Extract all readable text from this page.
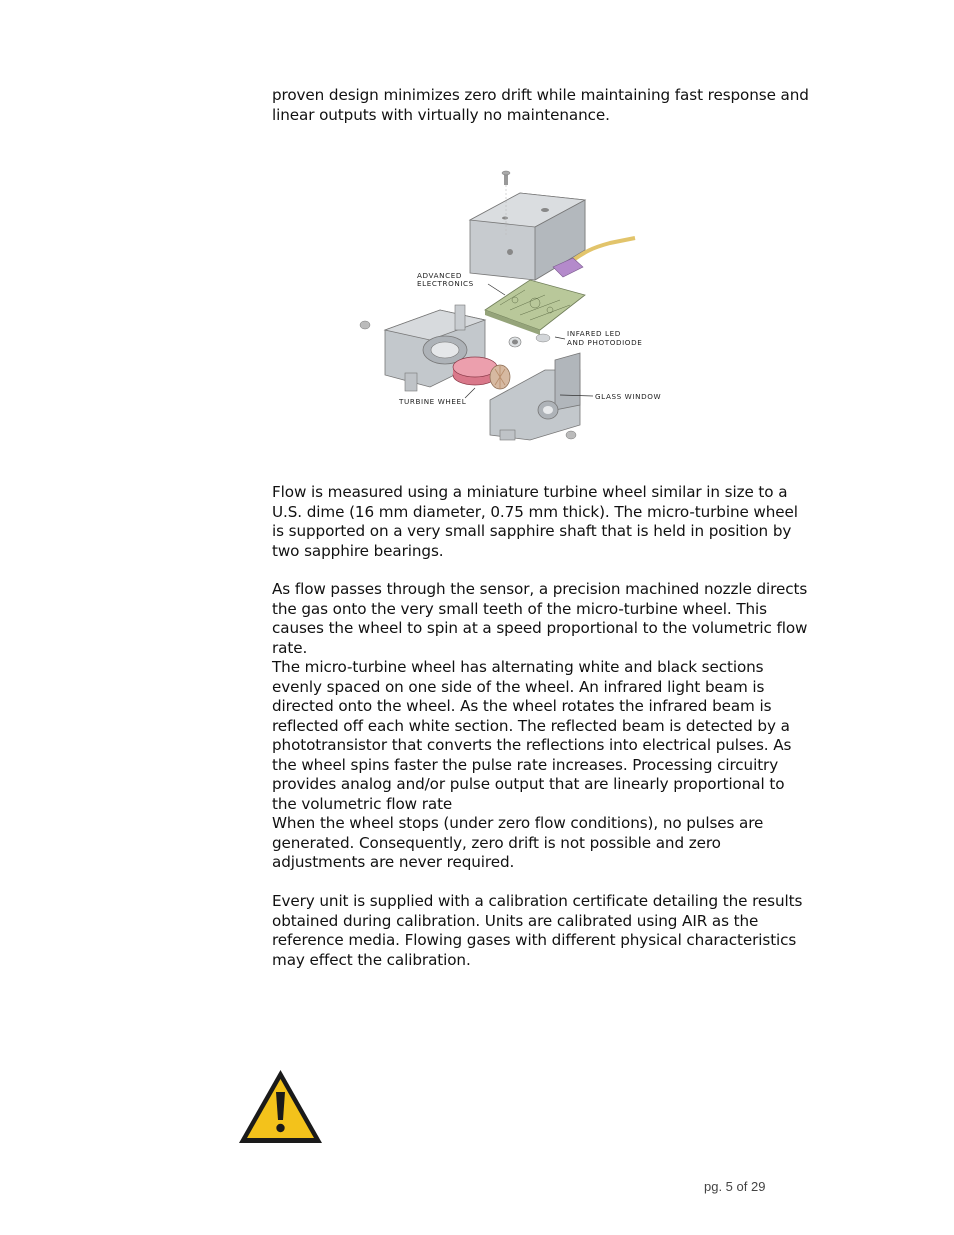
proven design minimizes zero drift while maintaining fast response and linear outputs with virtually no maintenance.

ADVANCED
ELECTRONICS
INFARED LED
AND PHOTODIODE
TURBINE WHEEL
GLASS WINDOW

Flow is measured using a miniature turbine wheel similar in size to a U.S. dime (16 mm diameter, 0.75 mm thick). The micro-turbine wheel is supported on a very small sapphire shaft that is held in position by two sapphire bearings.

As flow passes through the sensor, a precision machined nozzle directs the gas onto the very small teeth of the micro-turbine wheel. This causes the wheel to spin at a speed proportional to the volumetric flow rate.

The micro-turbine wheel has alternating white and black sections evenly spaced on one side of the wheel. An infrared light beam is directed onto the wheel. As the wheel rotates the infrared beam is reflected off each white section. The reflected beam is detected by a phototransistor that converts the reflections into electrical pulses. As the wheel spins faster the pulse rate increases. Processing circuitry provides analog and/or pulse output that are linearly proportional to the volumetric flow rate

When the wheel stops (under zero flow conditions), no pulses are generated. Consequently, zero drift is not possible and zero adjustments are never required.

Every unit is supplied with a calibration certificate detailing the results obtained during calibration. Units are calibrated using AIR as the reference media. Flowing gases with different physical characteristics may effect the calibration.

pg. 5 of 29
